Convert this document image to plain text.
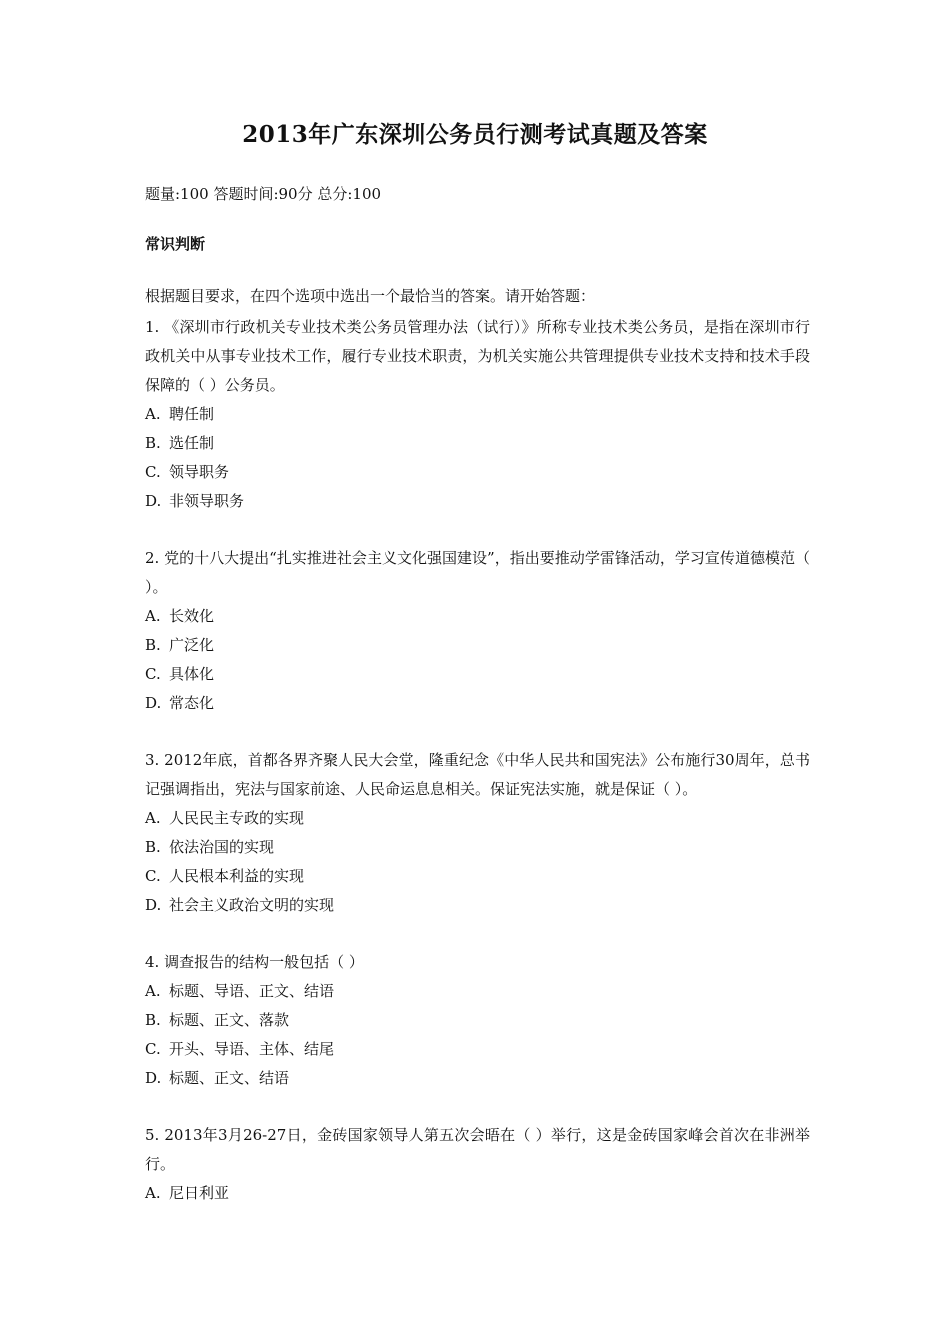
2013年广东深圳公务员行测考试真题及答案
题量:100 答题时间:90分 总分:100
常识判断
根据题目要求，在四个选项中选出一个最恰当的答案。请开始答题：
1. 《深圳市行政机关专业技术类公务员管理办法（试行）》所称专业技术类公务员，是指在深圳市行政机关中从事专业技术工作，履行专业技术职责，为机关实施公共管理提供专业技术支持和技术手段保障的（ ）公务员。
A. 聘任制
B. 选任制
C. 领导职务
D. 非领导职务
2. 党的十八大提出“扎实推进社会主义文化强国建设”，指出要推动学雷锋活动，学习宣传道德模范（ ）。
A. 长效化
B. 广泛化
C. 具体化
D. 常态化
3. 2012年底，首都各界齐聚人民大会堂，隆重纪念《中华人民共和国宪法》公布施行30周年，总书记强调指出，宪法与国家前途、人民命运息息相关。保证宪法实施，就是保证（ ）。
A. 人民民主专政的实现
B. 依法治国的实现
C. 人民根本利益的实现
D. 社会主义政治文明的实现
4. 调查报告的结构一般包括（ ）
A. 标题、导语、正文、结语
B. 标题、正文、落款
C. 开头、导语、主体、结尾
D. 标题、正文、结语
5. 2013年3月26-27日，金砖国家领导人第五次会晤在（ ）举行，这是金砖国家峰会首次在非洲举行。
A. 尼日利亚
